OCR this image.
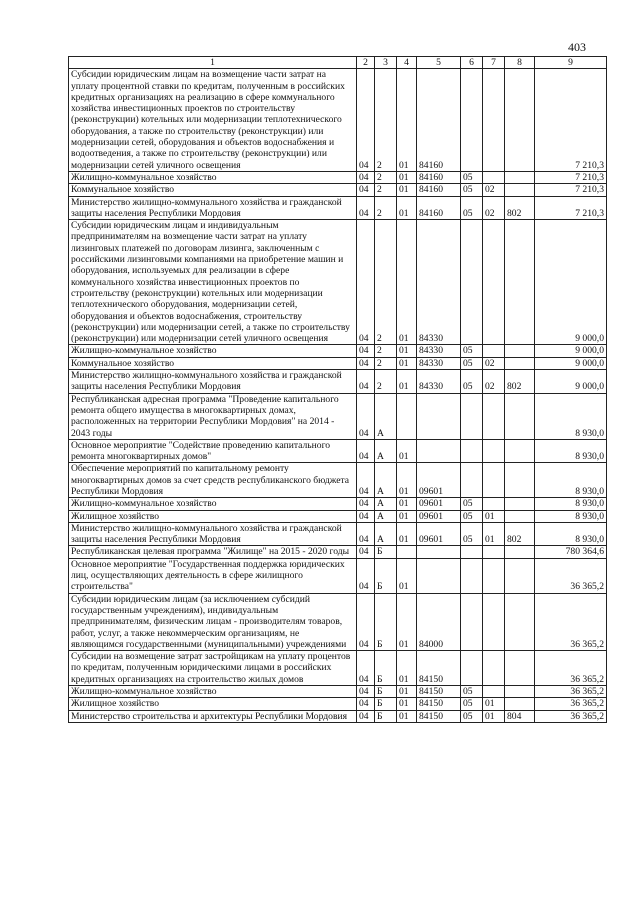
403
1	2	3	4	5	6	7	8	9
Субсидии юридическим лицам на возмещение части затрат на уплату процентной ставки по кредитам, полученным в российских кредитных организациях на реализацию в сфере коммунального хозяйства инвестиционных проектов по строительству (реконструкции) котельных или модернизации теплотехнического оборудования, а также по строительству (реконструкции) или модернизации сетей, оборудования и объектов водоснабжения и водоотведения, а также по строительству (реконструкции) или модернизации сетей уличного освещения	04	2	01	84160				7 210,3
Жилищно-коммунальное хозяйство	04	2	01	84160	05			7 210,3
Коммунальное хозяйство	04	2	01	84160	05	02		7 210,3
Министерство жилищно-коммунального хозяйства и гражданской защиты населения Республики Мордовия	04	2	01	84160	05	02	802	7 210,3
Субсидии юридическим лицам и индивидуальным предпринимателям на возмещение части затрат на уплату лизинговых платежей по договорам лизинга, заключенным с российскими лизинговыми компаниями на приобретение машин и оборудования, используемых для реализации в сфере коммунального хозяйства инвестиционных проектов по строительству (реконструкции) котельных или модернизации теплотехнического оборудования, модернизации сетей, оборудования и объектов водоснабжения, строительству (реконструкции) или модернизации сетей, а также по строительству (реконструкции) или модернизации сетей уличного освещения	04	2	01	84330				9 000,0
Жилищно-коммунальное хозяйство	04	2	01	84330	05			9 000,0
Коммунальное хозяйство	04	2	01	84330	05	02		9 000,0
Министерство жилищно-коммунального хозяйства и гражданской защиты населения Республики Мордовия	04	2	01	84330	05	02	802	9 000,0
Республиканская адресная программа "Проведение капитального ремонта общего имущества в многоквартирных домах, расположенных на территории Республики Мордовия" на 2014 - 2043 годы	04	А						8 930,0
Основное мероприятие "Содействие проведению капитального ремонта многоквартирных домов"	04	А	01					8 930,0
Обеспечение мероприятий по капитальному ремонту многоквартирных домов за счет средств республиканского бюджета Республики Мордовия	04	А	01	09601				8 930,0
Жилищно-коммунальное хозяйство	04	А	01	09601	05			8 930,0
Жилищное хозяйство	04	А	01	09601	05	01		8 930,0
Министерство жилищно-коммунального хозяйства и гражданской защиты населения Республики Мордовия	04	А	01	09601	05	01	802	8 930,0
Республиканская целевая программа "Жилище" на 2015 - 2020 годы	04	Б						780 364,6
Основное мероприятие "Государственная поддержка юридических лиц, осуществляющих деятельность в сфере жилищного строительства"	04	Б	01					36 365,2
Субсидии юридическим лицам (за исключением субсидий государственным учреждениям), индивидуальным предпринимателям, физическим лицам - производителям товаров, работ, услуг, а также некоммерческим организациям, не являющимся государственными (муниципальными) учреждениями	04	Б	01	84000				36 365,2
Субсидии на возмещение затрат застройщикам на уплату процентов по кредитам, полученным юридическими лицами в российских кредитных организациях на строительство жилых домов	04	Б	01	84150				36 365,2
Жилищно-коммунальное хозяйство	04	Б	01	84150	05			36 365,2
Жилищное хозяйство	04	Б	01	84150	05	01		36 365,2
Министерство строительства и архитектуры Республики Мордовия	04	Б	01	84150	05	01	804	36 365,2
